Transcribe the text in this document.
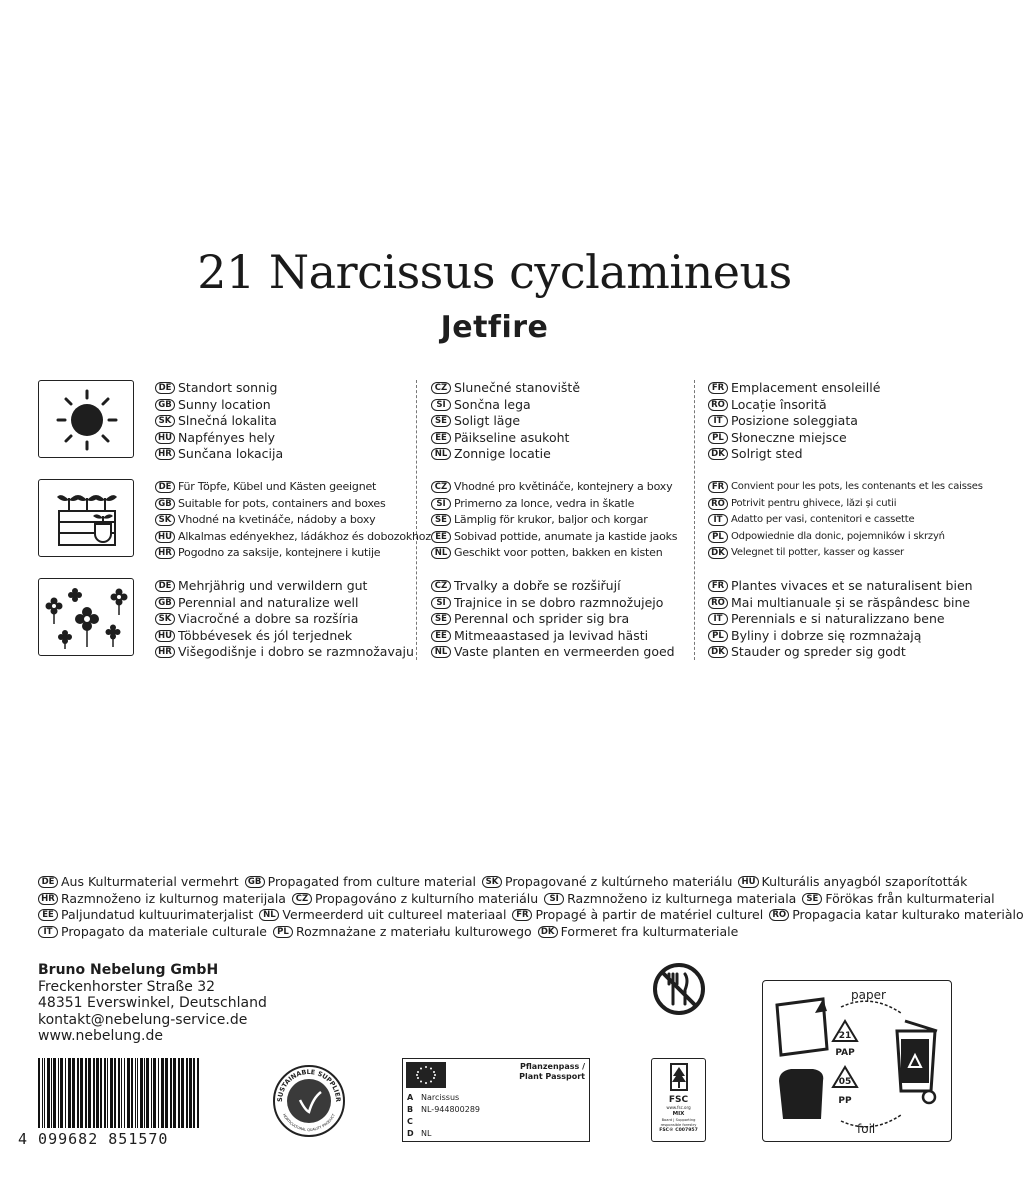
21 Narcissus cyclamineus
Jetfire
DE Standort sonnig
GB Sunny location
SK Slnečná lokalita
HU Napfényes hely
HR Sunčana lokacija
CZ Slunečné stanoviště
SI Sončna lega
SE Soligt läge
EE Päikseline asukoht
NL Zonnige locatie
FR Emplacement ensoleillé
RO Locație însorită
IT Posizione soleggiata
PL Słoneczne miejsce
DK Solrigt sted
DE Für Töpfe, Kübel und Kästen geeignet
GB Suitable for pots, containers and boxes
SK Vhodné na kvetináče, nádoby a boxy
HU Alkalmas edényekhez, ládákhoz és dobozokhoz
HR Pogodno za saksije, kontejnere i kutije
CZ Vhodné pro květináče, kontejnery a boxy
SI Primerno za lonce, vedra in škatle
SE Lämplig för krukor, baljor och korgar
EE Sobivad pottide, anumate ja kastide jaoks
NL Geschikt voor potten, bakken en kisten
FR Convient pour les pots, les contenants et les caisses
RO Potrivit pentru ghivece, lăzi și cutii
IT Adatto per vasi, contenitori e cassette
PL Odpowiednie dla donic, pojemników i skrzyń
DK Velegnet til potter, kasser og kasser
DE Mehrjährig und verwildern gut
GB Perennial and naturalize well
SK Viacročné a dobre sa rozšíria
HU Többévesek és jól terjednek
HR Višegodišnje i dobro se razmnožavaju
CZ Trvalky a dobře se rozšiřují
SI Trajnice in se dobro razmnožujejo
SE Perennal och sprider sig bra
EE Mitmeaastased ja levivad hästi
NL Vaste planten en vermeerden goed
FR Plantes vivaces et se naturalisent bien
RO Mai multianuale și se răspândesc bine
IT Perennials e si naturalizzano bene
PL Byliny i dobrze się rozmnażają
DK Stauder og spreder sig godt
DE Aus Kulturmaterial vermehrt	GB Propagated from culture material	SK Propagované z kultúrneho materiálu	HU Kulturális anyagból szaporították
HR Razmnoženo iz kulturnog materijala	CZ Propagováno z kulturního materiálu	SI Razmnoženo iz kulturnega materiala	SE Förökas från kulturmaterial
EE Paljundatud kultuurimaterjalist	NL Vermeerderd uit cultureel materiaal	FR Propagé à partir de matériel culturel	RO Propagacia katar kulturako materiàlo
IT Propagato da materiale culturale	PL Rozmnażane z materiału kulturowego	DK Formeret fra kulturmateriale
Bruno Nebelung GmbH
Freckenhorster Straße 32
48351 Everswinkel, Deutschland
kontakt@nebelung-service.de
www.nebelung.de
4 099682 851570
SUSTAINABLE SUPPLIER
HORTICULTURAL QUALITY PRODUCT
Pflanzenpass /
Plant Passport
A Narcissus
B NL-944800289
C
D NL
FSC
www.fsc.org
MIX
Board | Supporting responsible forestry
FSC® C007957
paper
foil
21
PAP
05
PP
